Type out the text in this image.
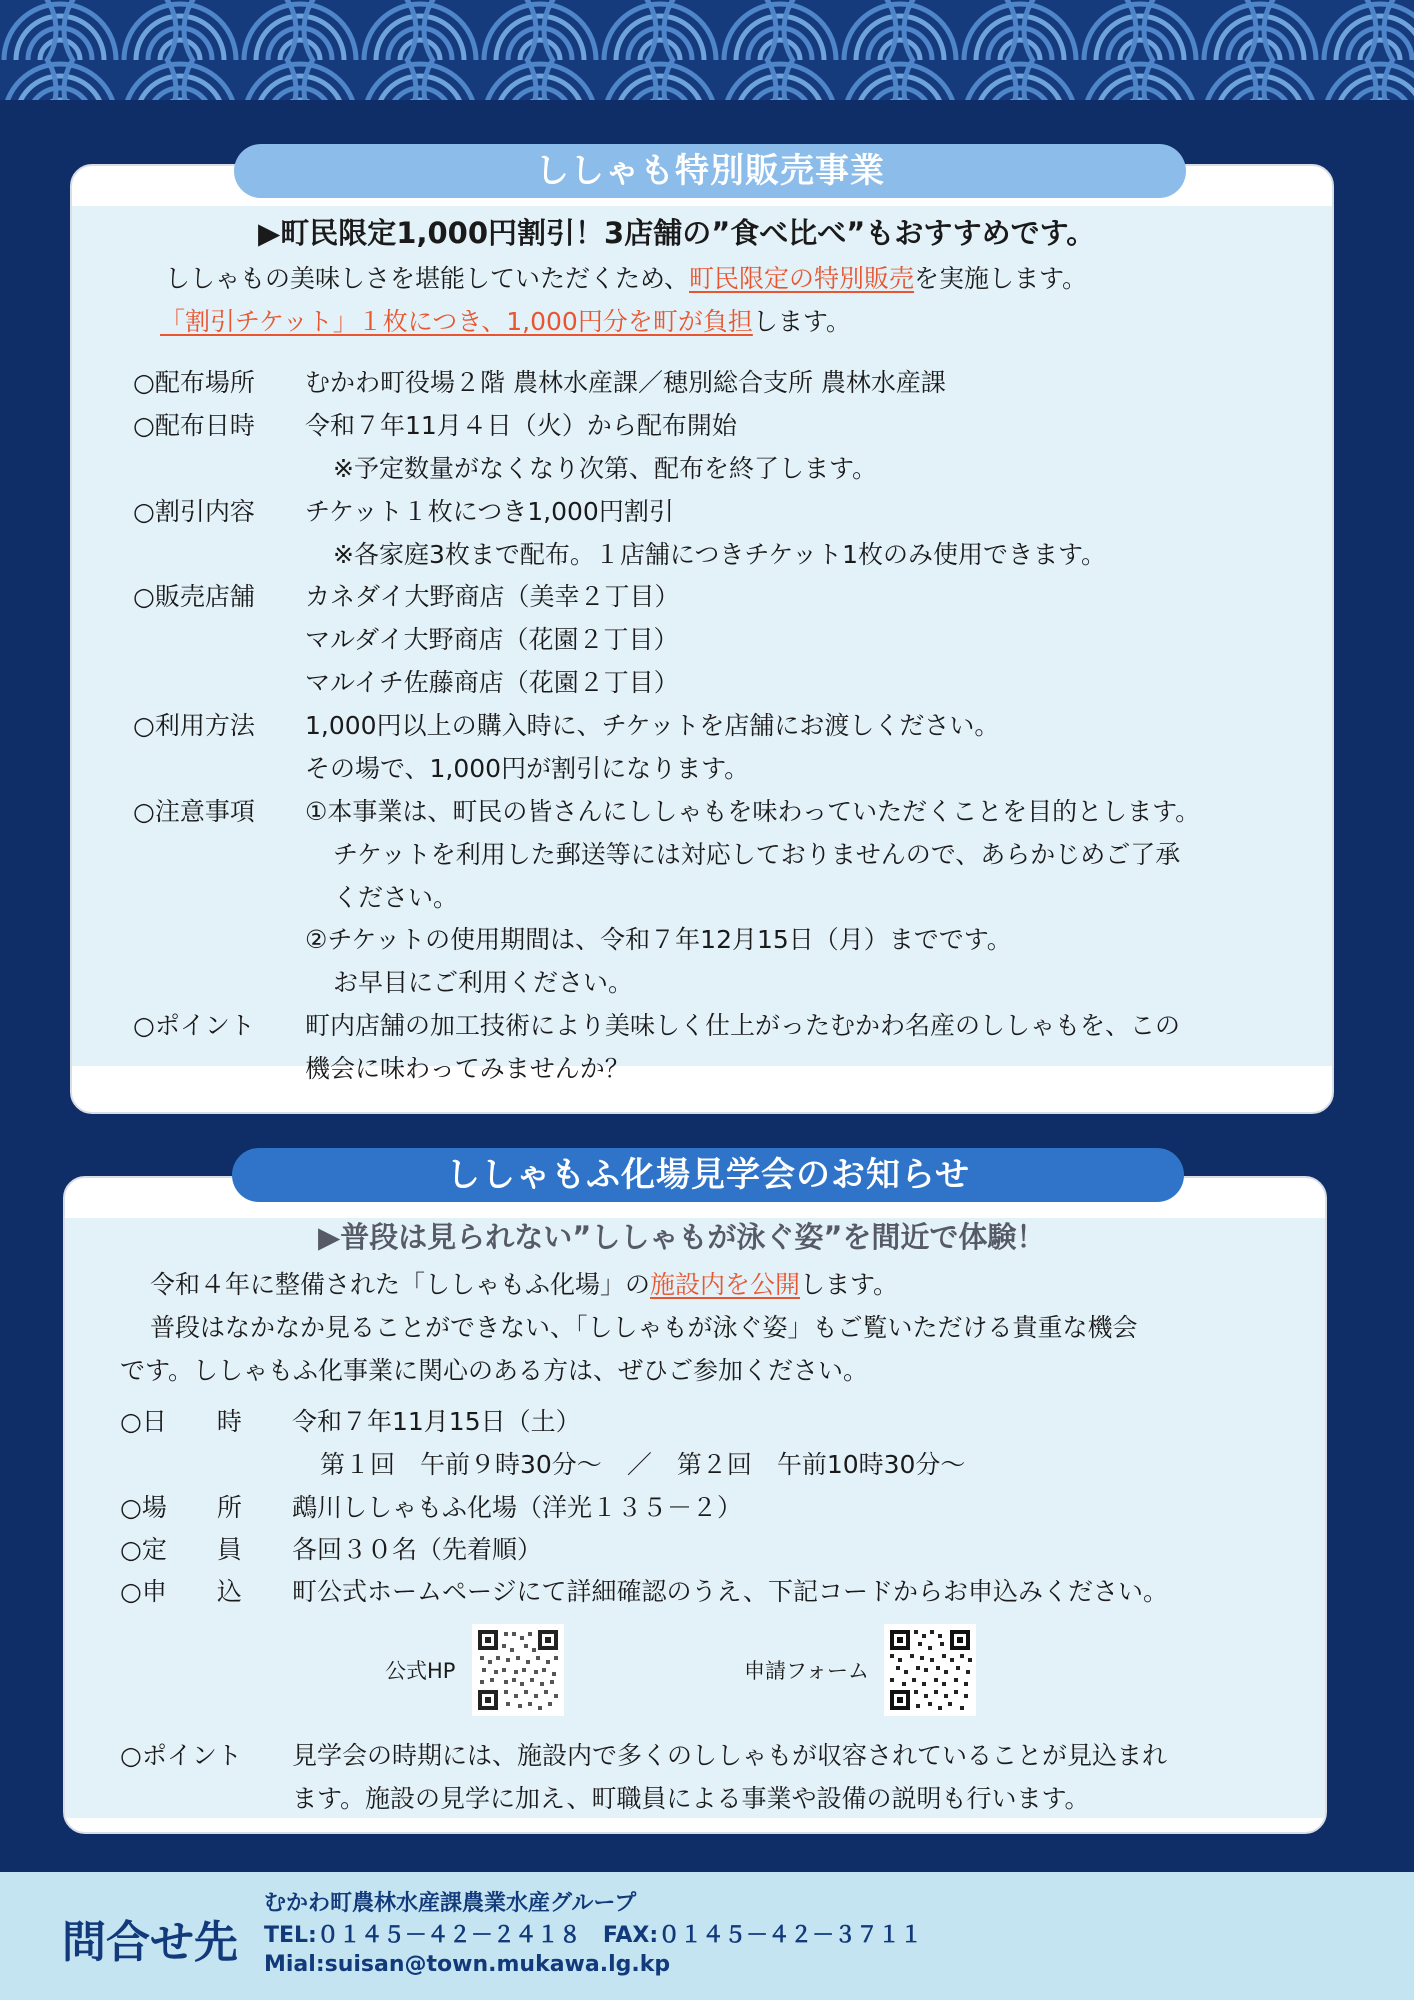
ししゃも特別販売事業
▶町民限定1,000円割引！3店舗の”食べ比べ”もおすすめです。
ししゃもの美味しさを堪能していただくため、町民限定の特別販売を実施します。
「割引チケット」１枚につき、1,000円分を町が負担します。
○配布場所 むかわ町役場２階 農林水産課／穂別総合支所 農林水産課
○配布日時 令和７年11月４日（火）から配布開始
※予定数量がなくなり次第、配布を終了します。
○割引内容 チケット１枚につき1,000円割引
※各家庭3枚まで配布。１店舗につきチケット1枚のみ使用できます。
○販売店舗 カネダイ大野商店（美幸２丁目）
マルダイ大野商店（花園２丁目）
マルイチ佐藤商店（花園２丁目）
○利用方法 1,000円以上の購入時に、チケットを店舗にお渡しください。
その場で、1,000円が割引になります。
○注意事項 ①本事業は、町民の皆さんにししゃもを味わっていただくことを目的とします。
チケットを利用した郵送等には対応しておりませんので、あらかじめご了承
ください。
②チケットの使用期間は、令和７年12月15日（月）までです。
お早目にご利用ください。
○ポイント 町内店舗の加工技術により美味しく仕上がったむかわ名産のししゃもを、この
機会に味わってみませんか？
ししゃもふ化場見学会のお知らせ
▶普段は見られない”ししゃもが泳ぐ姿”を間近で体験！
令和４年に整備された「ししゃもふ化場」の施設内を公開します。
普段はなかなか見ることができない、「ししゃもが泳ぐ姿」もご覧いただける貴重な機会
です。ししゃもふ化事業に関心のある方は、ぜひご参加ください。
○日　　時 令和７年11月15日（土）
第１回　午前９時30分～　／　第２回　午前10時30分～
○場　　所 鵡川ししゃもふ化場（洋光１３５－２）
○定　　員 各回３０名（先着順）
○申　　込 町公式ホームページにて詳細確認のうえ、下記コードからお申込みください。
公式HP	申請フォーム
○ポイント 見学会の時期には、施設内で多くのししゃもが収容されていることが見込まれ
ます。施設の見学に加え、町職員による事業や設備の説明も行います。
問合せ先
むかわ町農林水産課農業水産グループ
TEL:０１４５－４２－２４１８　FAX:０１４５－４２－３７１１
Mial:suisan@town.mukawa.lg.kp
